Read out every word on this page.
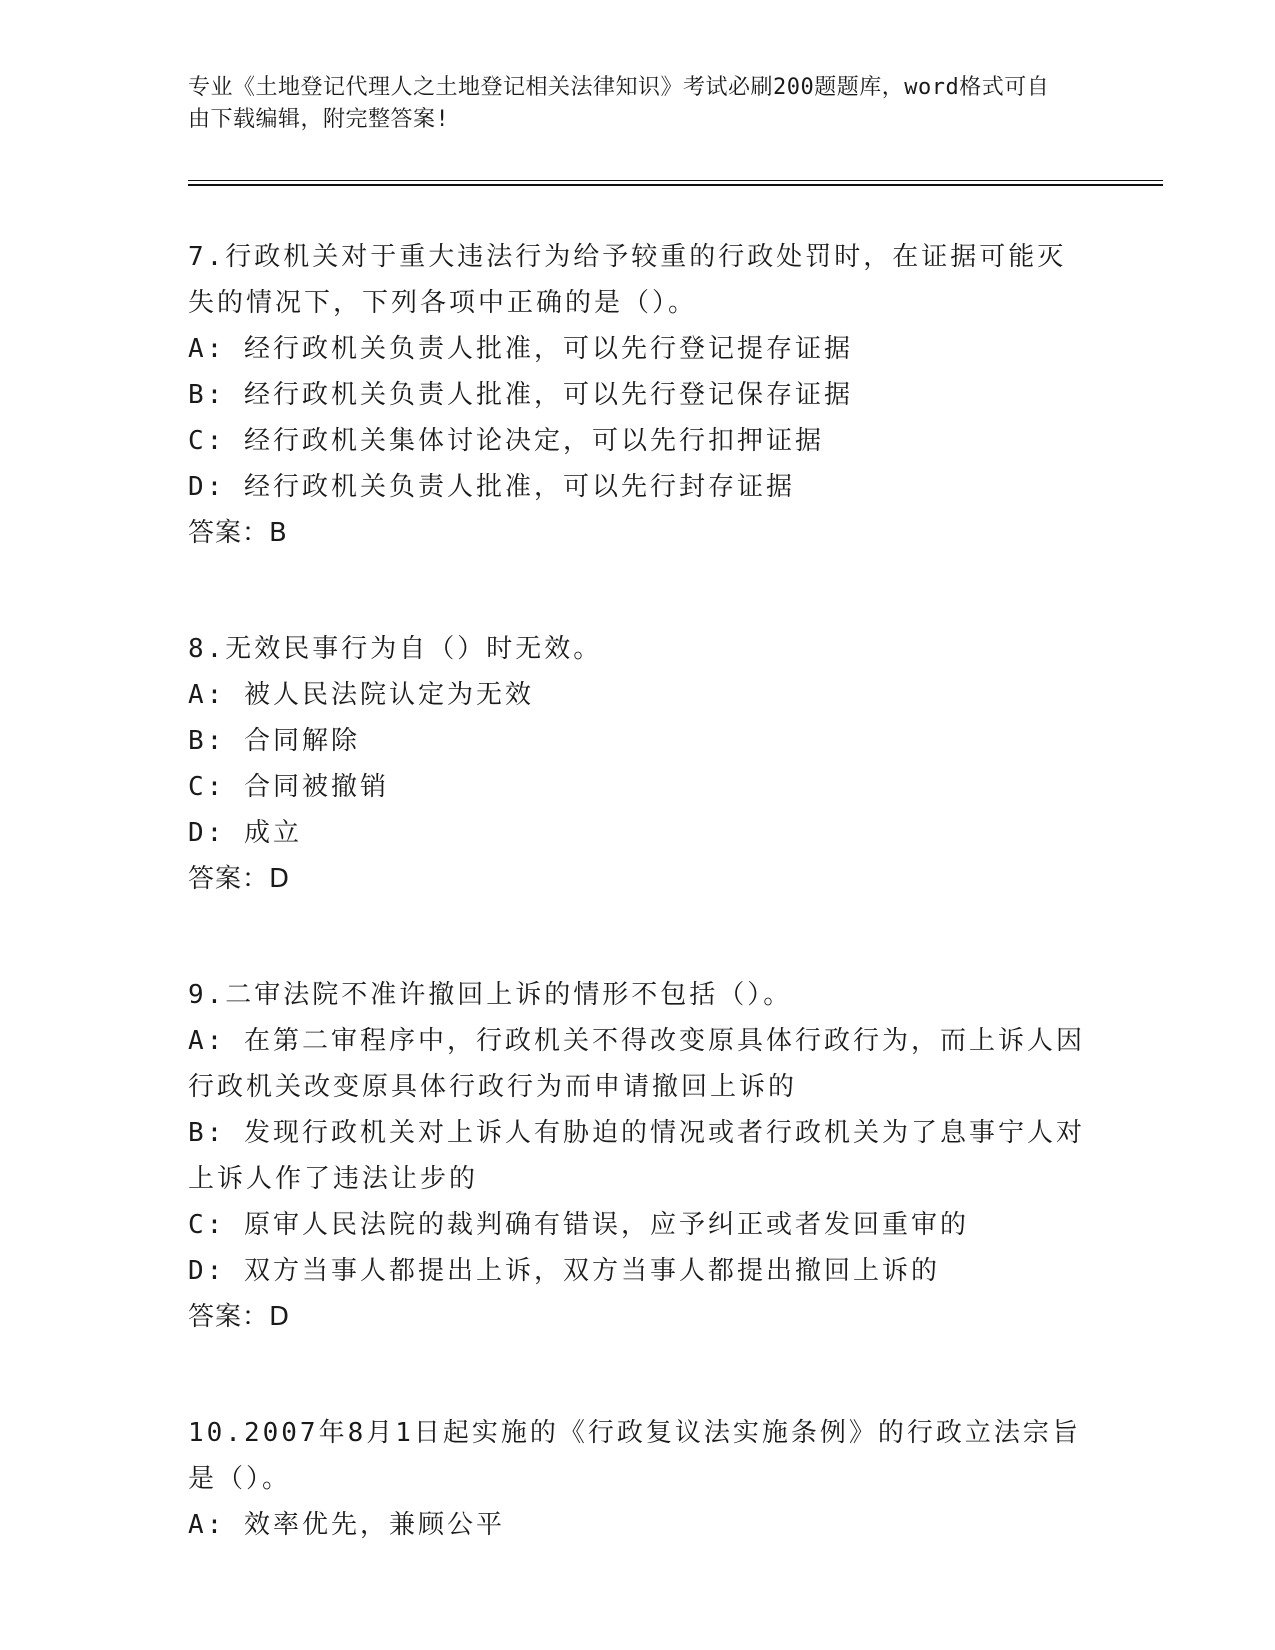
专业《土地登记代理人之土地登记相关法律知识》考试必刷200题题库，word格式可自由下载编辑，附完整答案!

7.行政机关对于重大违法行为给予较重的行政处罚时，在证据可能灭失的情况下，下列各项中正确的是（）。

A: 经行政机关负责人批准，可以先行登记提存证据

B: 经行政机关负责人批准，可以先行登记保存证据

C: 经行政机关集体讨论决定，可以先行扣押证据

D: 经行政机关负责人批准，可以先行封存证据

答案：B

8.无效民事行为自（）时无效。

A: 被人民法院认定为无效

B: 合同解除

C: 合同被撤销

D: 成立

答案：D

9.二审法院不准许撤回上诉的情形不包括（）。

A: 在第二审程序中，行政机关不得改变原具体行政行为，而上诉人因行政机关改变原具体行政行为而申请撤回上诉的

B: 发现行政机关对上诉人有胁迫的情况或者行政机关为了息事宁人对上诉人作了违法让步的

C: 原审人民法院的裁判确有错误，应予纠正或者发回重审的

D: 双方当事人都提出上诉，双方当事人都提出撤回上诉的

答案：D

10.2007年8月1日起实施的《行政复议法实施条例》的行政立法宗旨是（）。

A: 效率优先，兼顾公平
